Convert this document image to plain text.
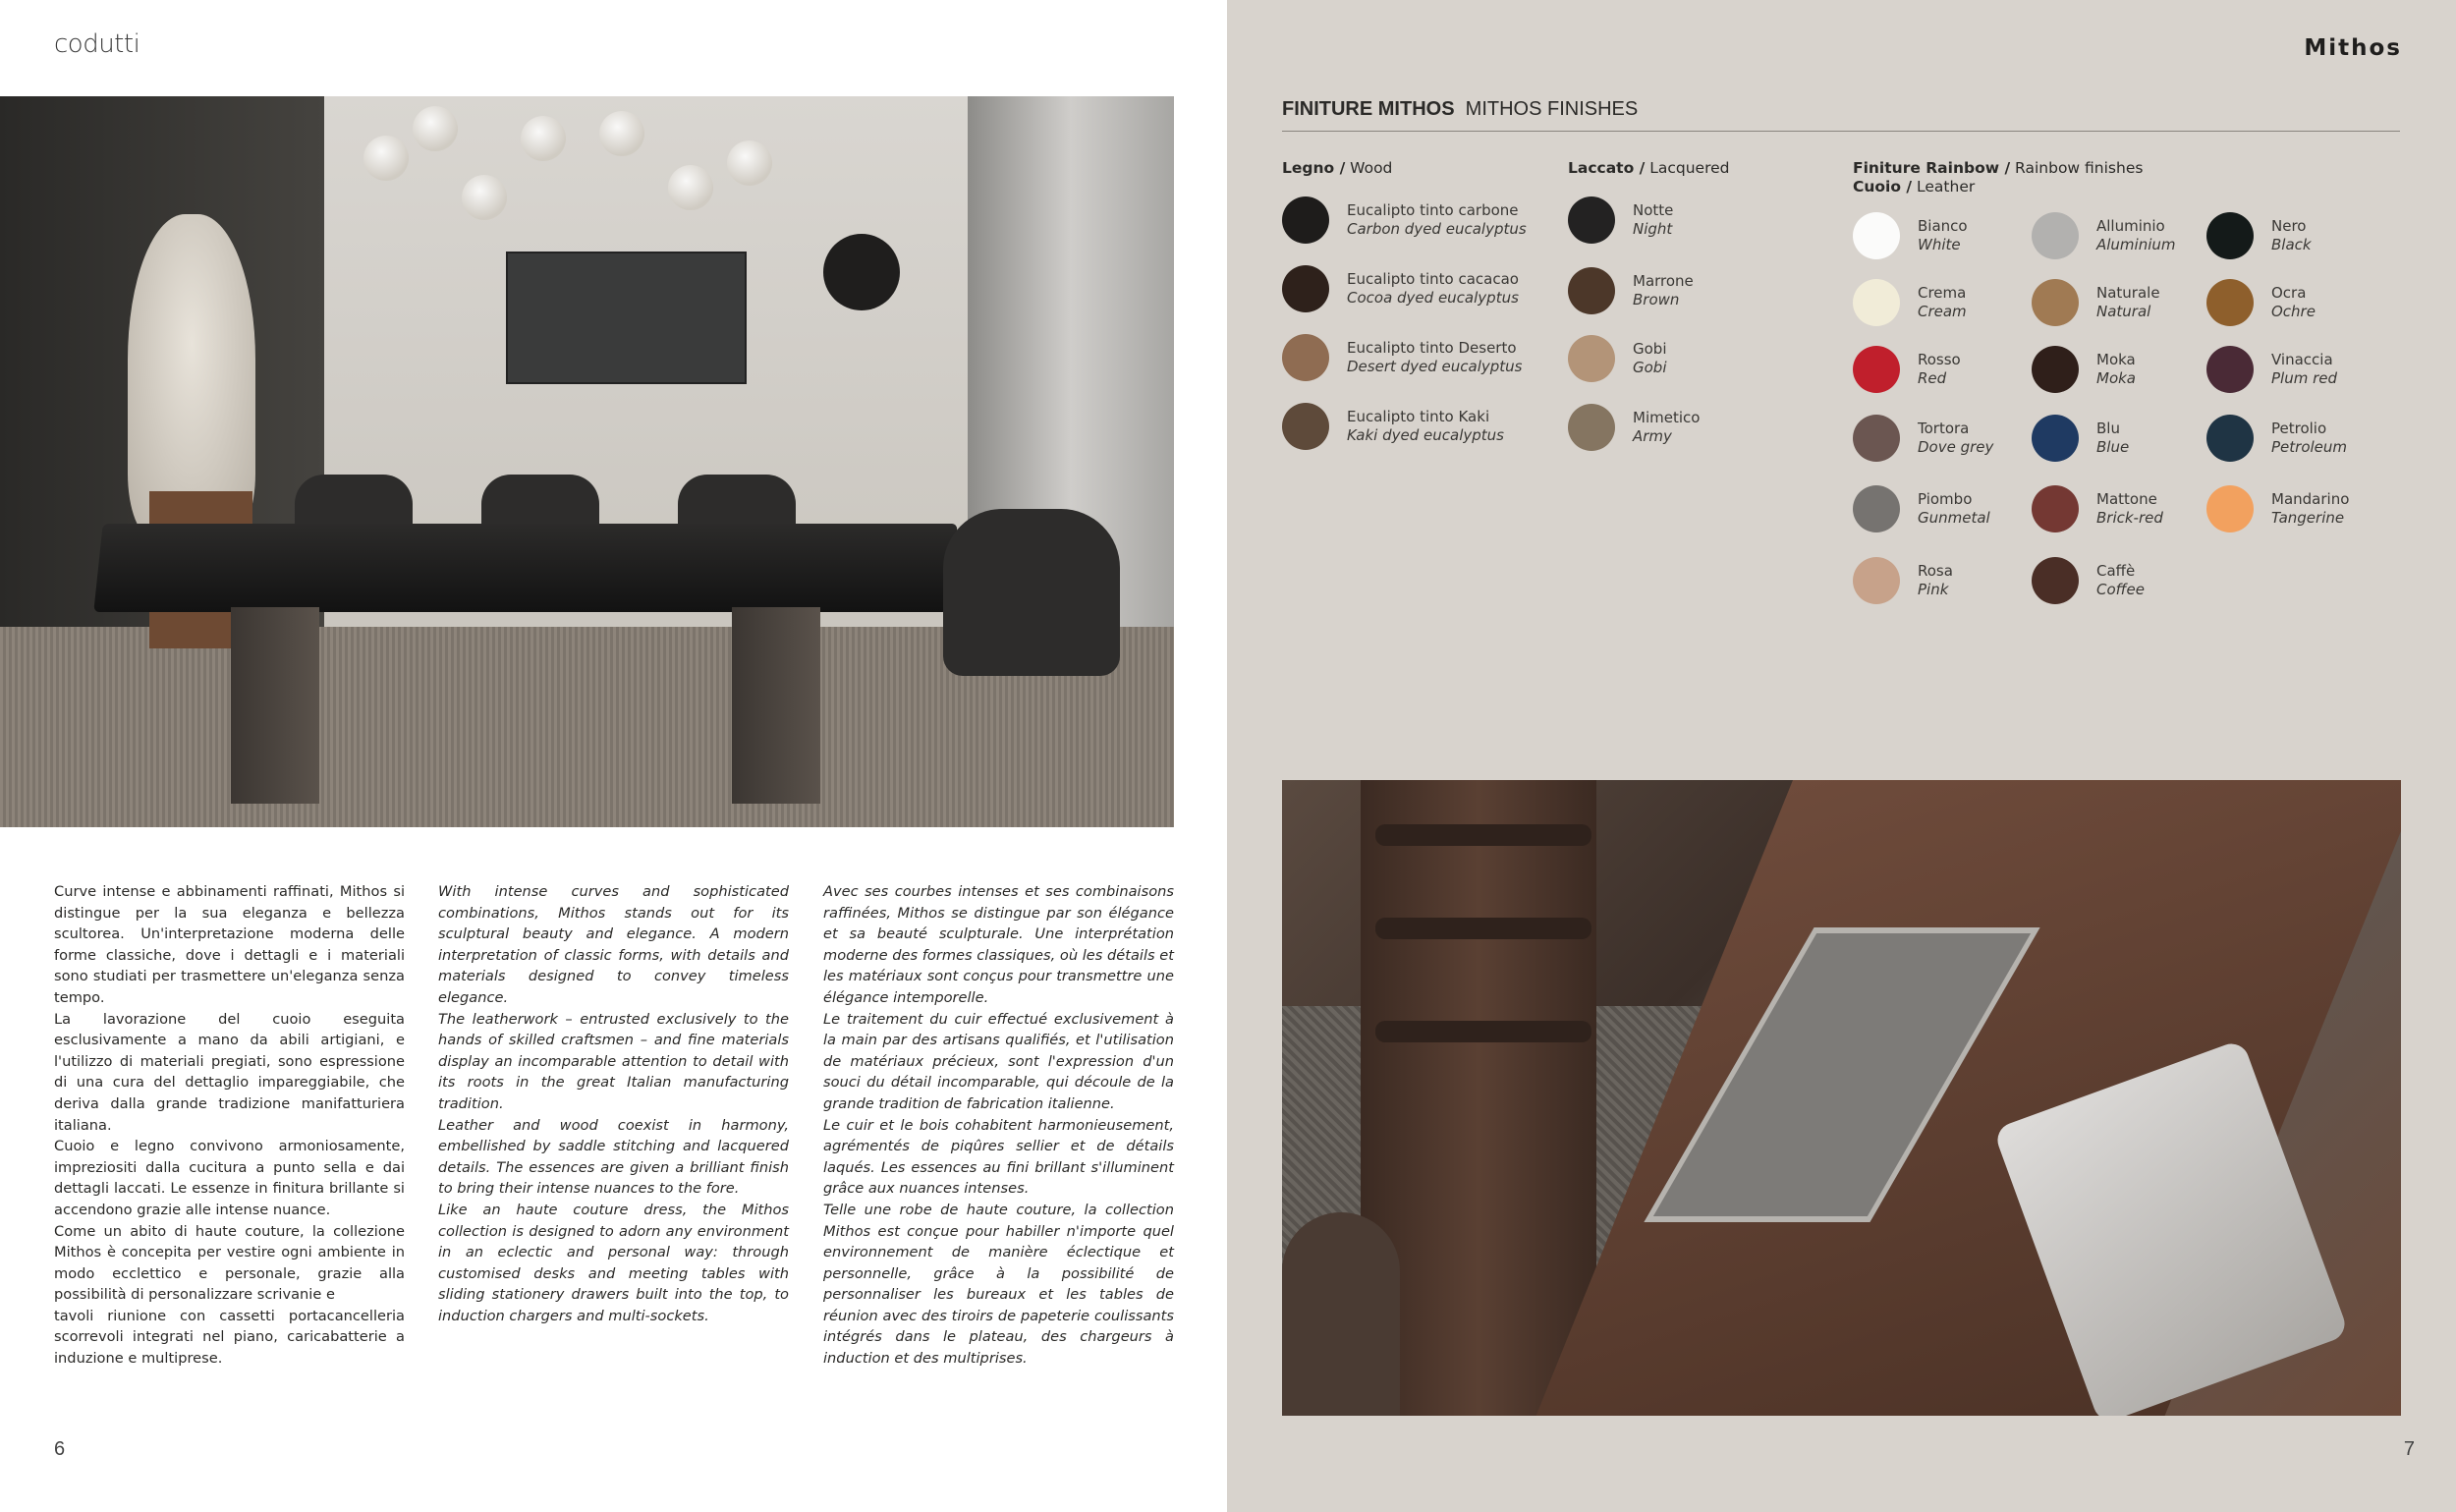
codutti

Curve intense e abbinamenti raffinati, Mithos si distingue per la sua eleganza e bellezza scultorea. Un'interpretazione moderna delle forme classiche, dove i dettagli e i materiali sono studiati per trasmettere un'eleganza senza tempo.

La lavorazione del cuoio eseguita esclusivamente a mano da abili artigiani, e l'utilizzo di materiali pregiati, sono espressione di una cura del dettaglio impareggiabile, che deriva dalla grande tradizione manifatturiera italiana.

Cuoio e legno convivono armoniosamente, impreziositi dalla cucitura a punto sella e dai dettagli laccati. Le essenze in finitura brillante si accendono grazie alle intense nuance.

Come un abito di haute couture, la collezione Mithos è concepita per vestire ogni ambiente in modo ecclettico e personale, grazie alla possibilità di personalizzare scrivanie e

tavoli riunione con cassetti portacancelleria scorrevoli integrati nel piano, caricabatterie a induzione e multiprese.

With intense curves and sophisticated combinations, Mithos stands out for its sculptural beauty and elegance. A modern interpretation of classic forms, with details and materials designed to convey timeless elegance.

The leatherwork – entrusted exclusively to the hands of skilled craftsmen – and fine materials display an incomparable attention to detail with its roots in the great Italian manufacturing tradition.

Leather and wood coexist in harmony, embellished by saddle stitching and lacquered details. The essences are given a brilliant finish to bring their intense nuances to the fore.

Like an haute couture dress, the Mithos collection is designed to adorn any environment in an eclectic and personal way: through customised desks and meeting tables with sliding stationery drawers built into the top, to induction chargers and multi-sockets.

Avec ses courbes intenses et ses combinaisons raffinées, Mithos se distingue par son élégance et sa beauté sculpturale. Une interprétation moderne des formes classiques, où les détails et les matériaux sont conçus pour transmettre une élégance intemporelle.

Le traitement du cuir effectué exclusivement à la main par des artisans qualifiés, et l'utilisation de matériaux précieux, sont l'expression d'un souci du détail incomparable, qui découle de la grande tradition de fabrication italienne.

Le cuir et le bois cohabitent harmonieusement, agrémentés de piqûres sellier et de détails laqués. Les essences au fini brillant s'illuminent grâce aux nuances intenses.

Telle une robe de haute couture, la collection Mithos est conçue pour habiller n'importe quel environnement de manière éclectique et personnelle, grâce à la possibilité de personnaliser les bureaux et les tables de réunion avec des tiroirs de papeterie coulissants intégrés dans le plateau, des chargeurs à induction et des multiprises.

6
Mithos
FINITURE MITHOS MITHOS FINISHES
Legno / Wood	Laccato / Lacquered	Finiture Rainbow / Rainbow finishes
Cuoio / Leather
7
Eucalipto tinto carbone
Carbon dyed eucalyptus
Eucalipto tinto cacacao
Cocoa dyed eucalyptus
Eucalipto tinto Deserto
Desert dyed eucalyptus
Eucalipto tinto Kaki
Kaki dyed eucalyptus
Notte
Night
Marrone
Brown
Gobi
Gobi
Mimetico
Army
Bianco
White
Crema
Cream
Rosso
Red
Tortora
Dove grey
Piombo
Gunmetal
Rosa
Pink
Alluminio
Aluminium
Naturale
Natural
Moka
Moka
Blu
Blue
Mattone
Brick-red
Caffè
Coffee
Nero
Black
Ocra
Ochre
Vinaccia
Plum red
Petrolio
Petroleum
Mandarino
Tangerine
